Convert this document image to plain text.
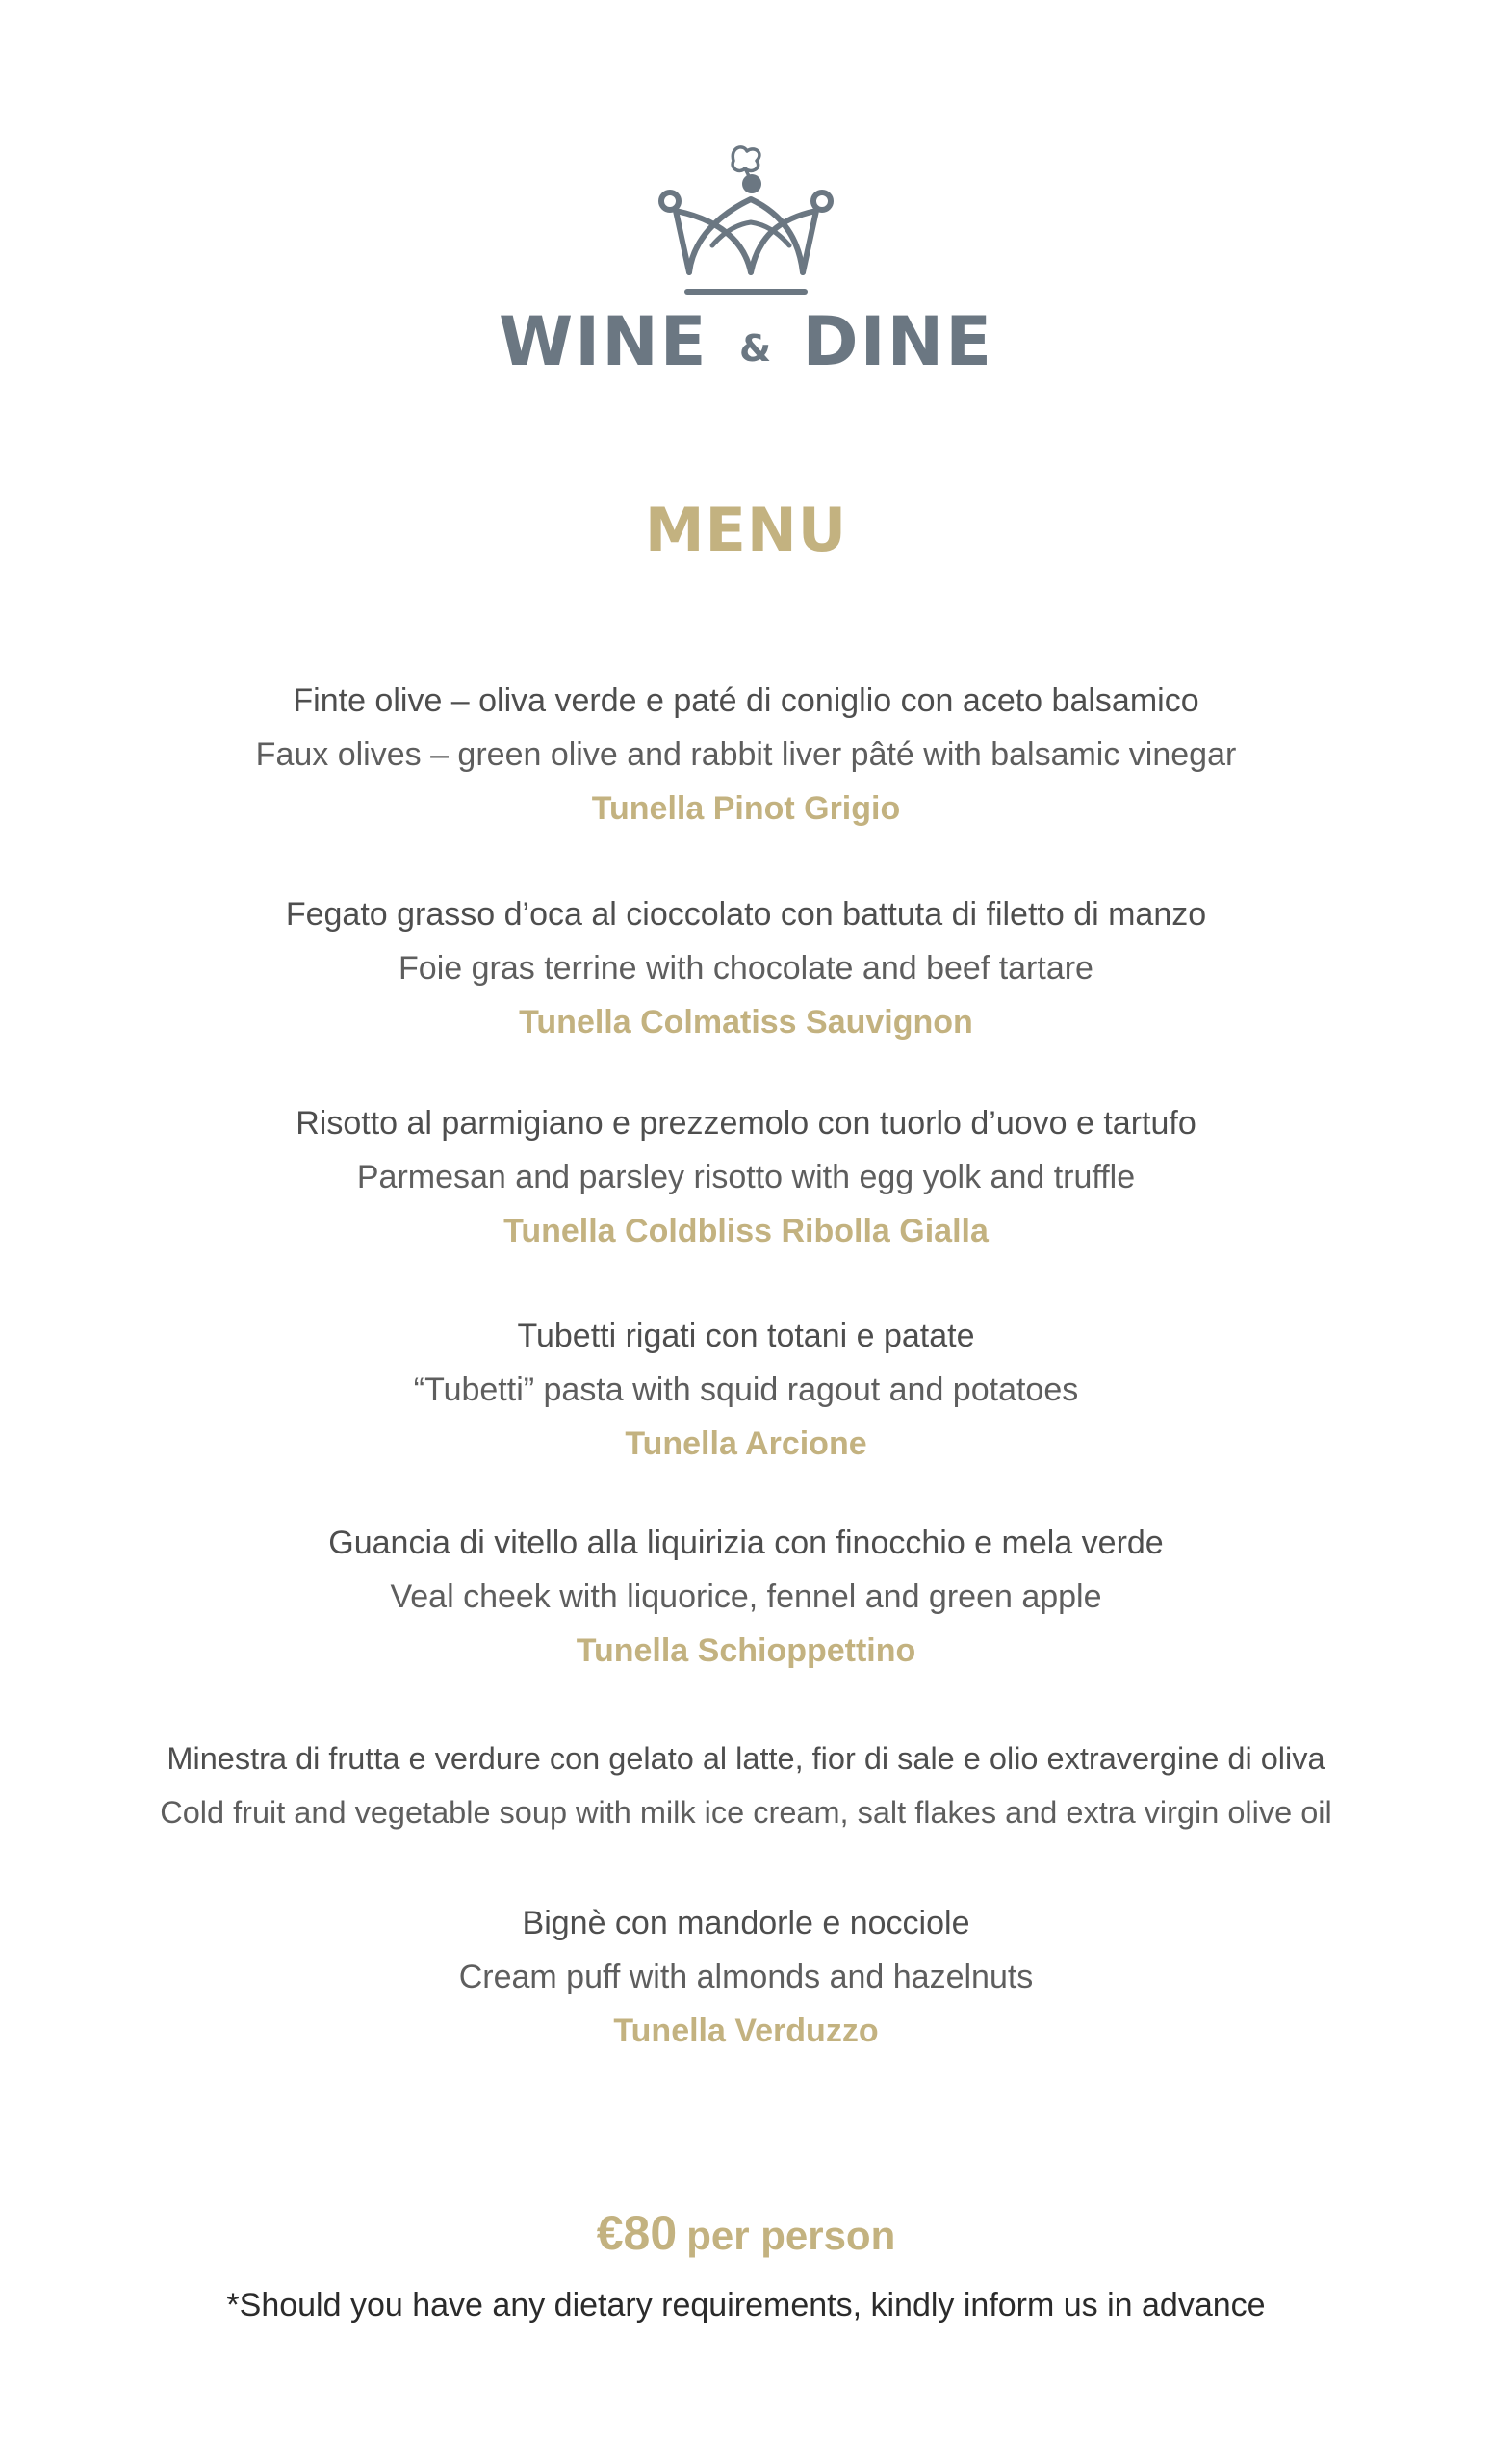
WINE & DINE
MENU
Finte olive – oliva verde e paté di coniglio con aceto balsamico
Faux olives – green olive and rabbit liver pâté with balsamic vinegar
Tunella Pinot Grigio
Fegato grasso d’oca al cioccolato con battuta di filetto di manzo
Foie gras terrine with chocolate and beef tartare
Tunella Colmatiss Sauvignon
Risotto al parmigiano e prezzemolo con tuorlo d’uovo e tartufo
Parmesan and parsley risotto with egg yolk and truffle
Tunella Coldbliss Ribolla Gialla
Tubetti rigati con totani e patate
“Tubetti” pasta with squid ragout and potatoes
Tunella Arcione
Guancia di vitello alla liquirizia con finocchio e mela verde
Veal cheek with liquorice, fennel and green apple
Tunella Schioppettino
Minestra di frutta e verdure con gelato al latte, fior di sale e olio extravergine di oliva
Cold fruit and vegetable soup with milk ice cream, salt flakes and extra virgin olive oil
Bignè con mandorle e nocciole
Cream puff with almonds and hazelnuts
Tunella Verduzzo
€80 per person
*Should you have any dietary requirements, kindly inform us in advance
